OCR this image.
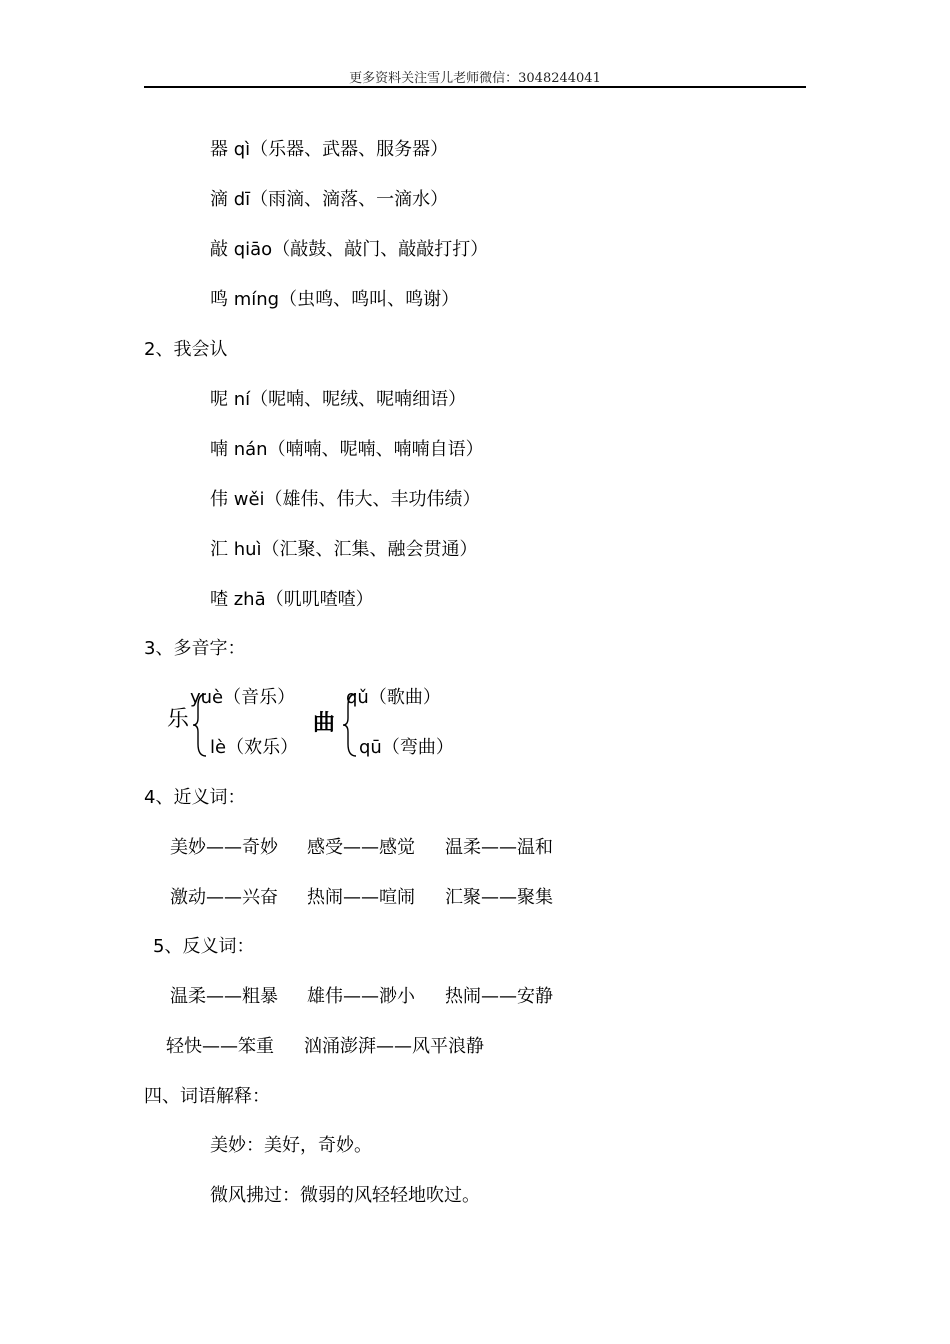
更多资料关注雪儿老师微信：3048244041
器 qì（乐器、武器、服务器）
滴 dī（雨滴、滴落、一滴水）
敲 qiāo（敲鼓、敲门、敲敲打打）
鸣 míng（虫鸣、鸣叫、鸣谢）
2、我会认
呢 ní（呢喃、呢绒、呢喃细语）
喃 nán（喃喃、呢喃、喃喃自语）
伟 wěi（雄伟、伟大、丰功伟绩）
汇 huì（汇聚、汇集、融会贯通）
喳 zhā（叽叽喳喳）
3、多音字：
乐
yuè（音乐）
lè（欢乐）
曲
qǔ（歌曲）
qū（弯曲）
4、近义词：
美妙——奇妙 感受——感觉 温柔——温和
激动——兴奋 热闹——喧闹 汇聚——聚集
5、反义词：
温柔——粗暴 雄伟——渺小 热闹——安静
轻快——笨重 汹涌澎湃——风平浪静
四、词语解释：
美妙：美好，奇妙。
微风拂过：微弱的风轻轻地吹过。
